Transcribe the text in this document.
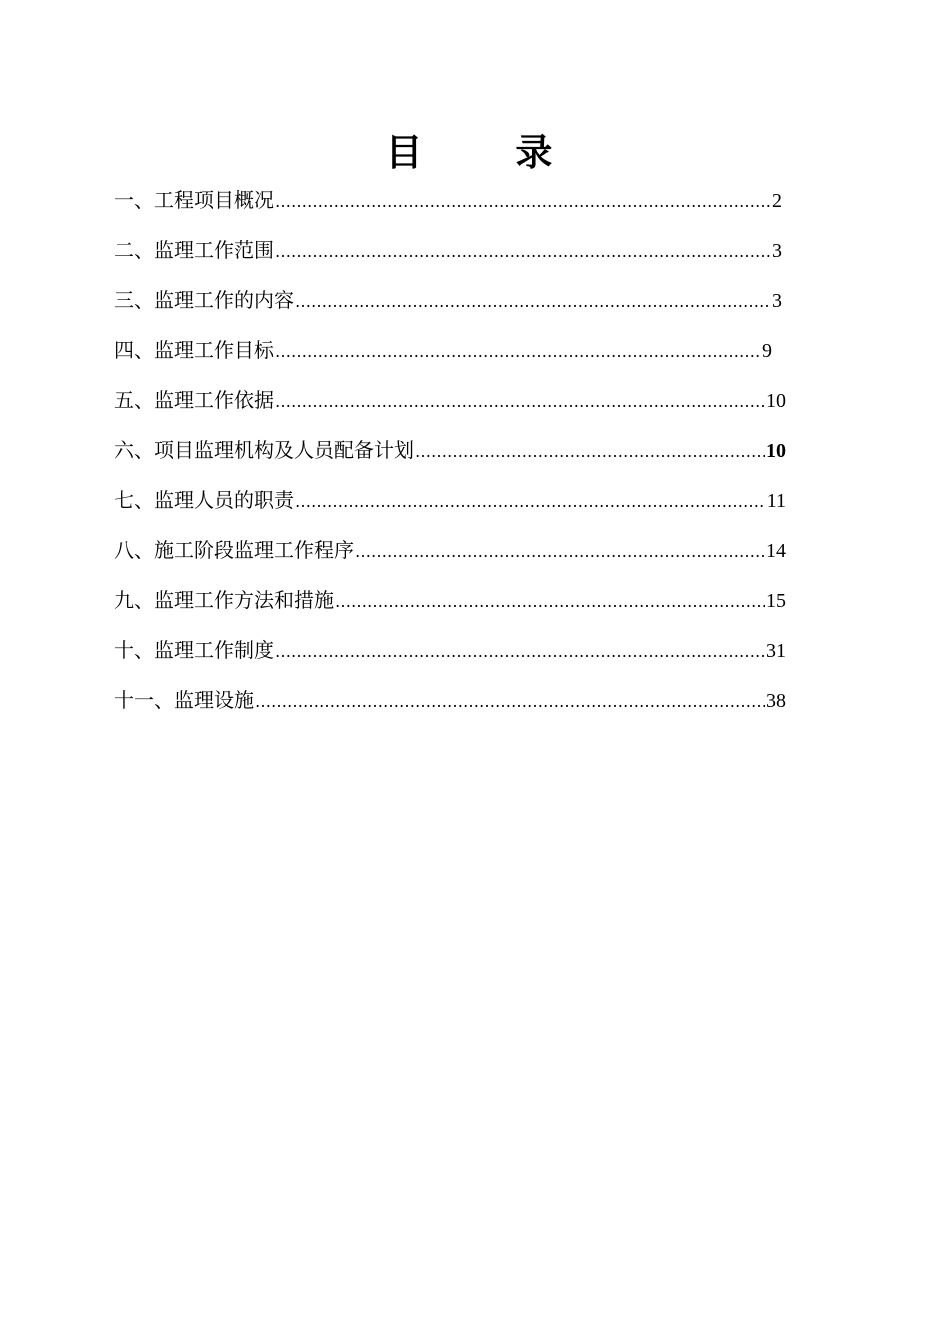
目 录
一、工程项目概况 ……………………………………………………………………………………………………………………………………………………………………	2
二、监理工作范围 ……………………………………………………………………………………………………………………………………………………………………	3
三、监理工作的内容 ……………………………………………………………………………………………………………………………………………………………………	3
四、监理工作目标 ……………………………………………………………………………………………………………………………………………………………………	9
五、监理工作依据 ……………………………………………………………………………………………………………………………………………………………………	10
六、项目监理机构及人员配备计划 ……………………………………………………………………………………………………………………………………………………………………	10
七、监理人员的职责 ……………………………………………………………………………………………………………………………………………………………………	11
八、施工阶段监理工作程序 ……………………………………………………………………………………………………………………………………………………………………	14
九、监理工作方法和措施 ……………………………………………………………………………………………………………………………………………………………………	15
十、监理工作制度 ……………………………………………………………………………………………………………………………………………………………………	31
十一、监理设施 ……………………………………………………………………………………………………………………………………………………………………	38
